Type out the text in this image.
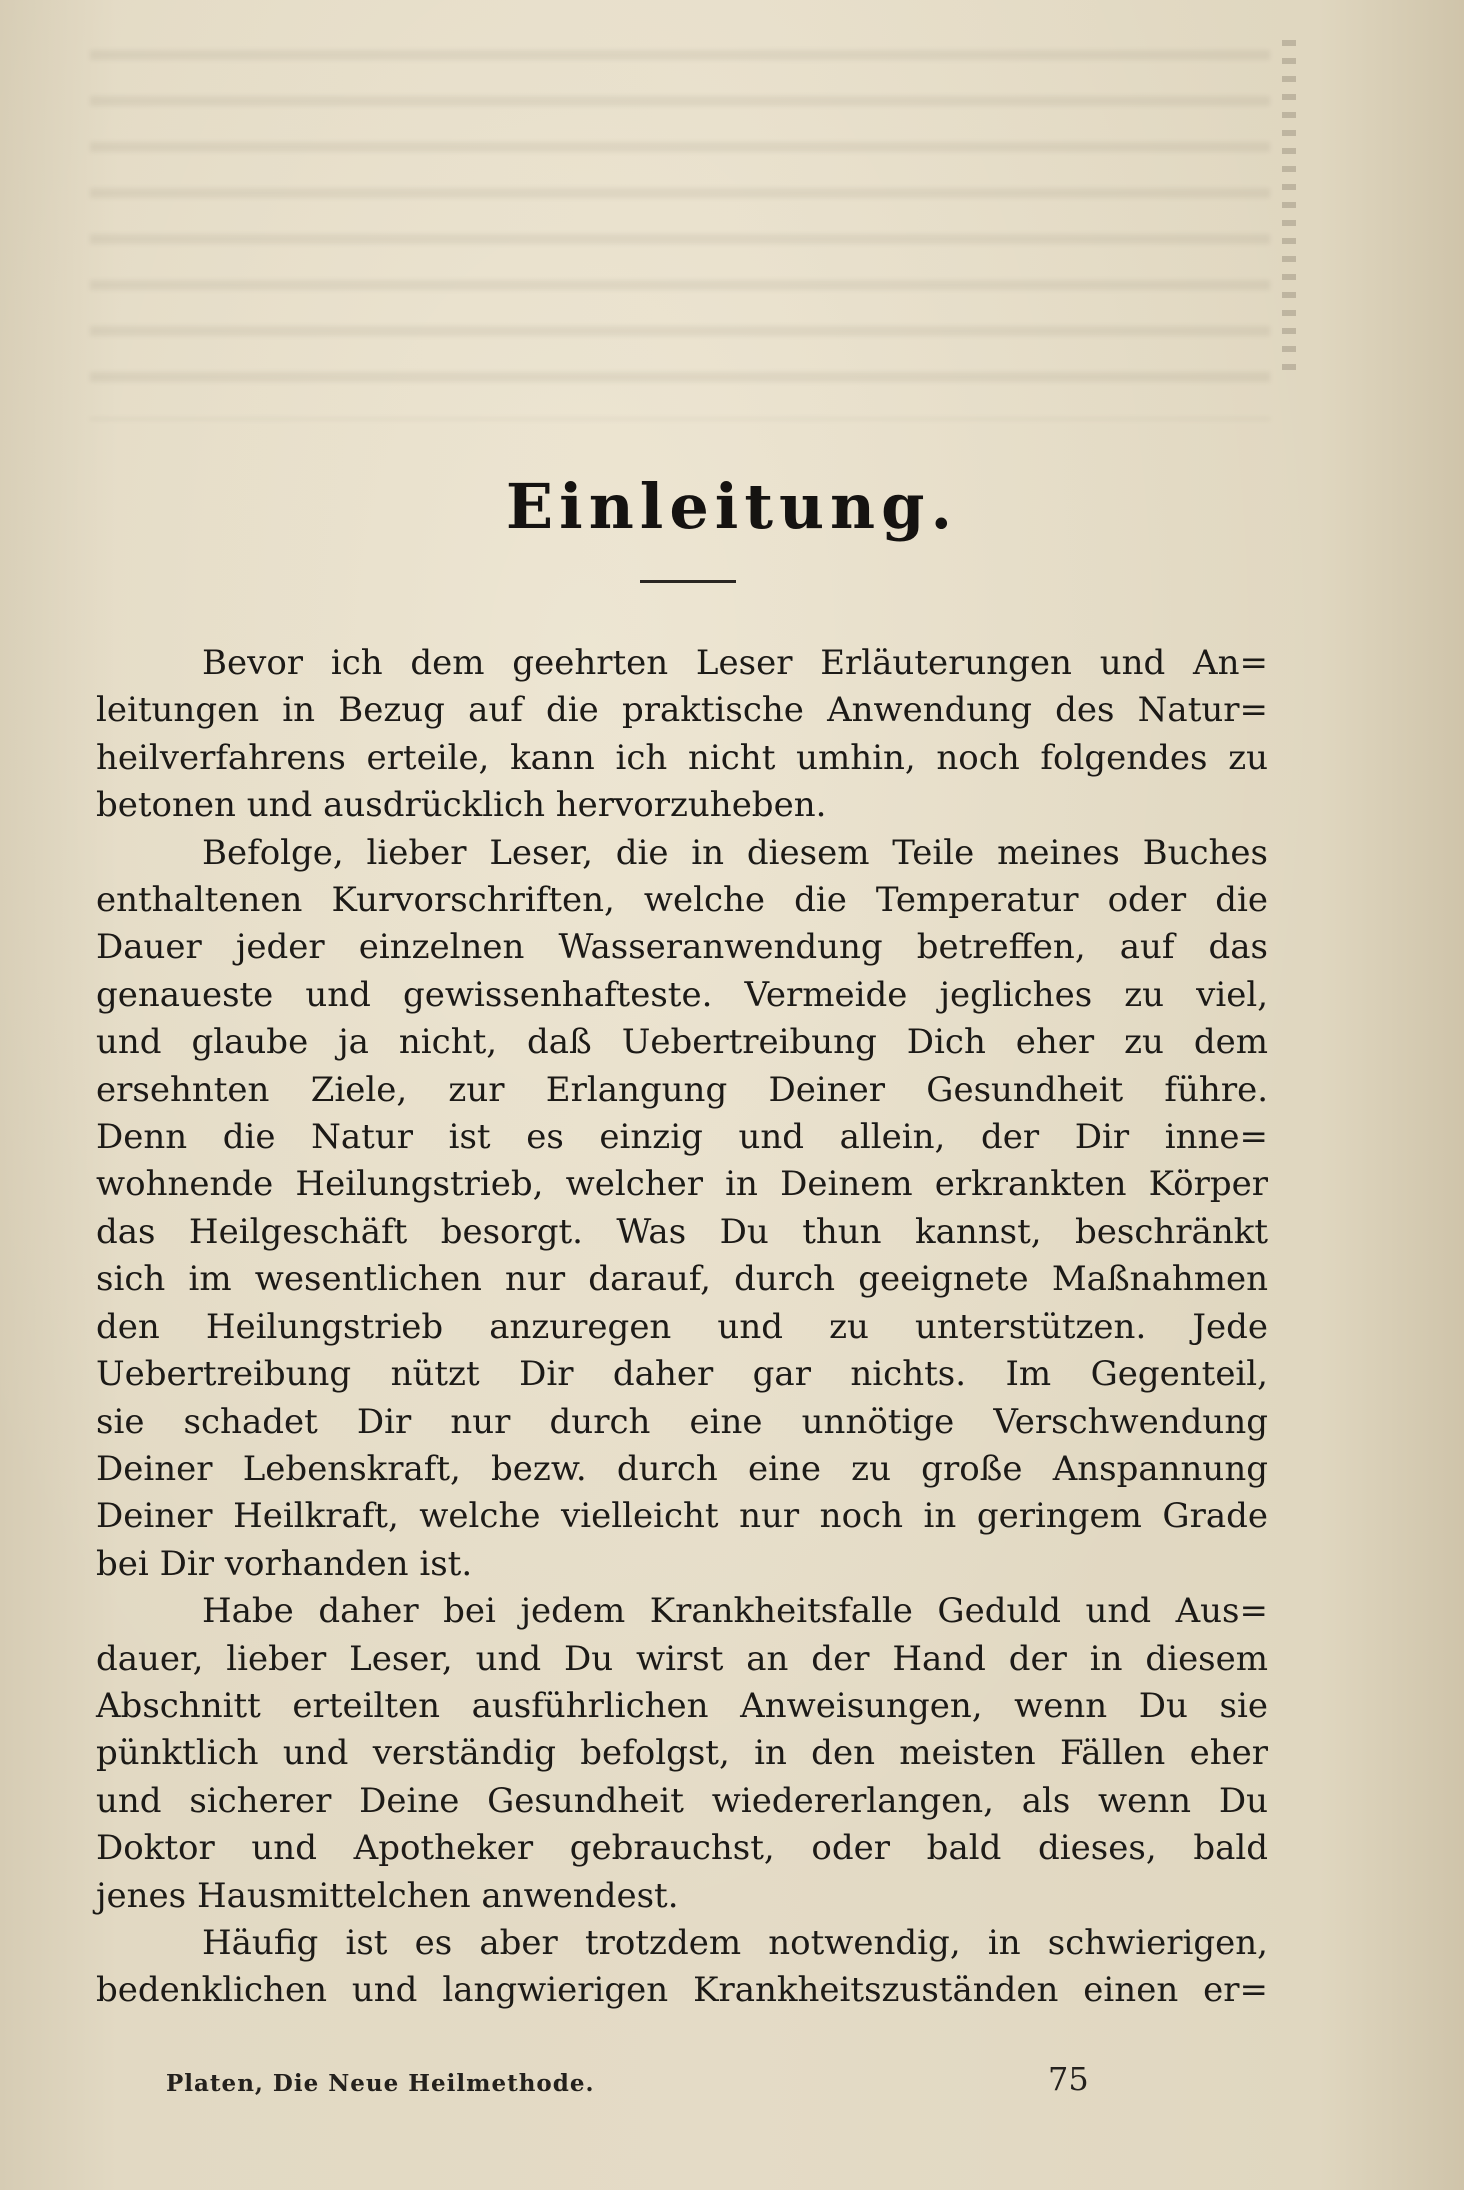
Einleitung.

Bevor ich dem geehrten Leser Erläuterungen und An=
leitungen in Bezug auf die praktische Anwendung des Natur=
heilverfahrens erteile, kann ich nicht umhin, noch folgendes zu
betonen und ausdrücklich hervorzuheben.

Befolge, lieber Leser, die in diesem Teile meines Buches
enthaltenen Kurvorschriften, welche die Temperatur oder die
Dauer jeder einzelnen Wasseranwendung betreffen, auf das
genaueste und gewissenhafteste. Vermeide jegliches zu viel,
und glaube ja nicht, daß Uebertreibung Dich eher zu dem
ersehnten Ziele, zur Erlangung Deiner Gesundheit führe.
Denn die Natur ist es einzig und allein, der Dir inne=
wohnende Heilungstrieb, welcher in Deinem erkrankten Körper
das Heilgeschäft besorgt. Was Du thun kannst, beschränkt
sich im wesentlichen nur darauf, durch geeignete Maßnahmen
den Heilungstrieb anzuregen und zu unterstützen. Jede
Uebertreibung nützt Dir daher gar nichts. Im Gegenteil,
sie schadet Dir nur durch eine unnötige Verschwendung
Deiner Lebenskraft, bezw. durch eine zu große Anspannung
Deiner Heilkraft, welche vielleicht nur noch in geringem Grade
bei Dir vorhanden ist.

Habe daher bei jedem Krankheitsfalle Geduld und Aus=
dauer, lieber Leser, und Du wirst an der Hand der in diesem
Abschnitt erteilten ausführlichen Anweisungen, wenn Du sie
pünktlich und verständig befolgst, in den meisten Fällen eher
und sicherer Deine Gesundheit wiedererlangen, als wenn Du
Doktor und Apotheker gebrauchst, oder bald dieses, bald
jenes Hausmittelchen anwendest.

Häufig ist es aber trotzdem notwendig, in schwierigen,
bedenklichen und langwierigen Krankheitszuständen einen er=

Platen, Die Neue Heilmethode.	75
